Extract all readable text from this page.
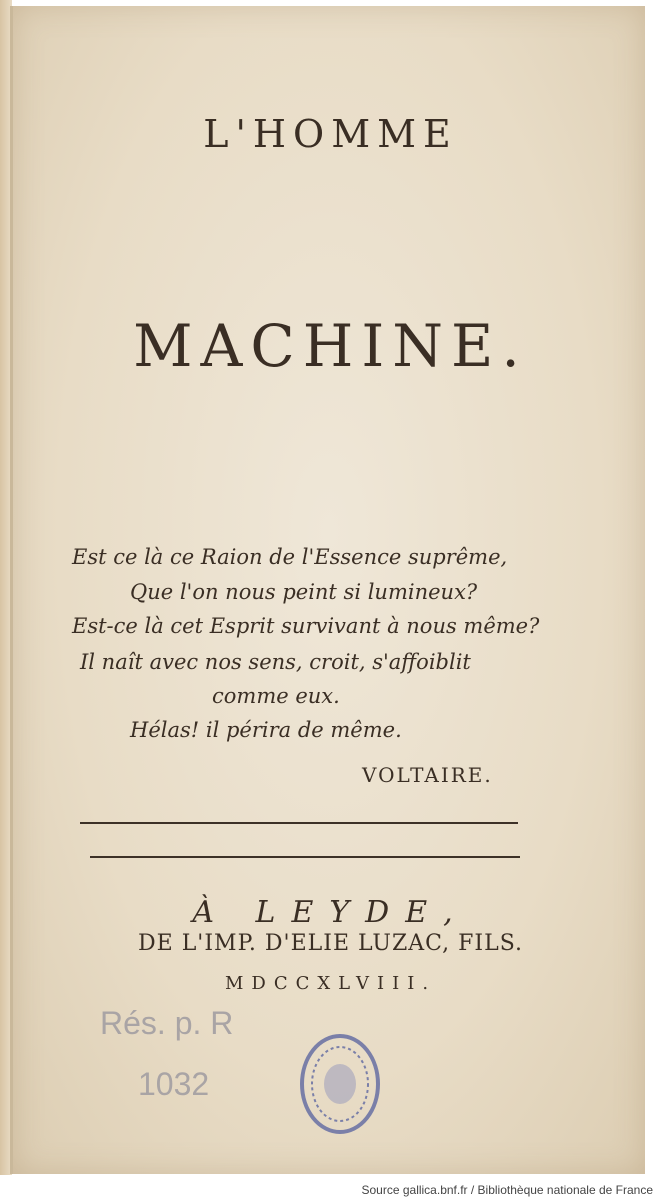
L'HOMME
MACHINE.
Est ce là ce Raion de l'Essence suprême,
Que l'on nous peint si lumineux?
Est-ce là cet Esprit survivant à nous même?
Il naît avec nos sens, croit, s'affoiblit
comme eux.
Hélas! il périra de même.
VOLTAIRE.
À LEYDE,
DE L'IMP. D'ELIE LUZAC, FILS.
MDCCXLVIII.
Rés. p. R
1032
Source gallica.bnf.fr / Bibliothèque nationale de France
